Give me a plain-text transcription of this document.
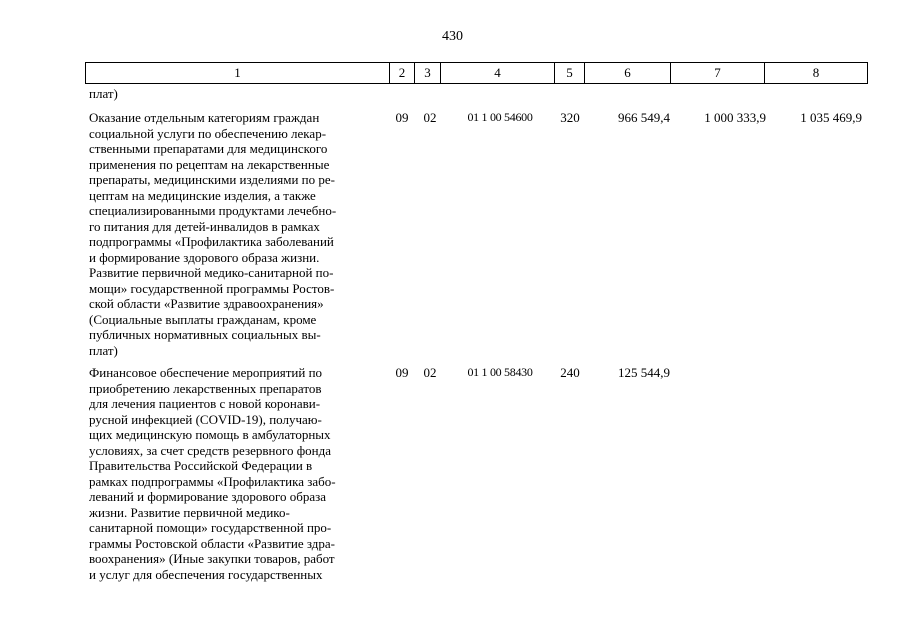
430
1	2	3	4	5	6	7	8
плат)
Оказание отдельным категориям граждан
социальной услуги по обеспечению лекар-
ственными препаратами для медицинского
применения по рецептам на лекарственные
препараты, медицинскими изделиями по ре-
цептам на медицинские изделия, а также
специализированными продуктами лечебно-
го питания для детей-инвалидов в рамках
подпрограммы «Профилактика заболеваний
и формирование здорового образа жизни.
Развитие первичной медико-санитарной по-
мощи» государственной программы Ростов-
ской области «Развитие здравоохранения»
(Социальные выплаты гражданам, кроме
публичных нормативных социальных вы-
плат)
09	02	01 1 00 54600	320	966 549,4	1 000 333,9	1 035 469,9
Финансовое обеспечение мероприятий по
приобретению лекарственных препаратов
для лечения пациентов с новой коронави-
русной инфекцией (COVID-19), получаю-
щих медицинскую помощь в амбулаторных
условиях, за счет средств резервного фонда
Правительства Российской Федерации в
рамках подпрограммы «Профилактика забо-
леваний и формирование здорового образа
жизни. Развитие первичной медико-
санитарной помощи» государственной про-
граммы Ростовской области «Развитие здра-
воохранения» (Иные закупки товаров, работ
и услуг для обеспечения государственных
09	02	01 1 00 58430	240	125 544,9
